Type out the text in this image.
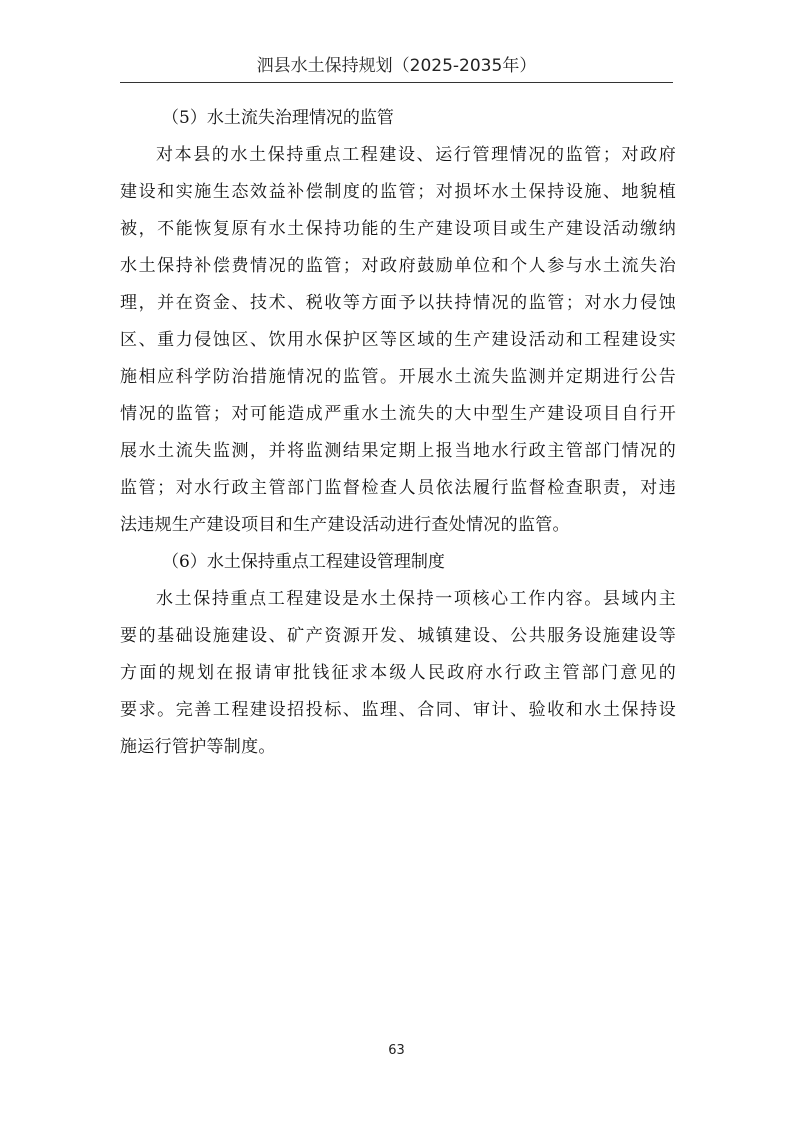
泗县水土保持规划（2025-2035年）
（5）水土流失治理情况的监管
对本县的水土保持重点工程建设、运行管理情况的监管；对政府
建设和实施生态效益补偿制度的监管；对损坏水土保持设施、地貌植
被，不能恢复原有水土保持功能的生产建设项目或生产建设活动缴纳
水土保持补偿费情况的监管；对政府鼓励单位和个人参与水土流失治
理，并在资金、技术、税收等方面予以扶持情况的监管；对水力侵蚀
区、重力侵蚀区、饮用水保护区等区域的生产建设活动和工程建设实
施相应科学防治措施情况的监管。开展水土流失监测并定期进行公告
情况的监管；对可能造成严重水土流失的大中型生产建设项目自行开
展水土流失监测，并将监测结果定期上报当地水行政主管部门情况的
监管；对水行政主管部门监督检查人员依法履行监督检查职责，对违
法违规生产建设项目和生产建设活动进行查处情况的监管。
（6）水土保持重点工程建设管理制度
水土保持重点工程建设是水土保持一项核心工作内容。县域内主
要的基础设施建设、矿产资源开发、城镇建设、公共服务设施建设等
方面的规划在报请审批钱征求本级人民政府水行政主管部门意见的
要求。完善工程建设招投标、监理、合同、审计、验收和水土保持设
施运行管护等制度。
63
